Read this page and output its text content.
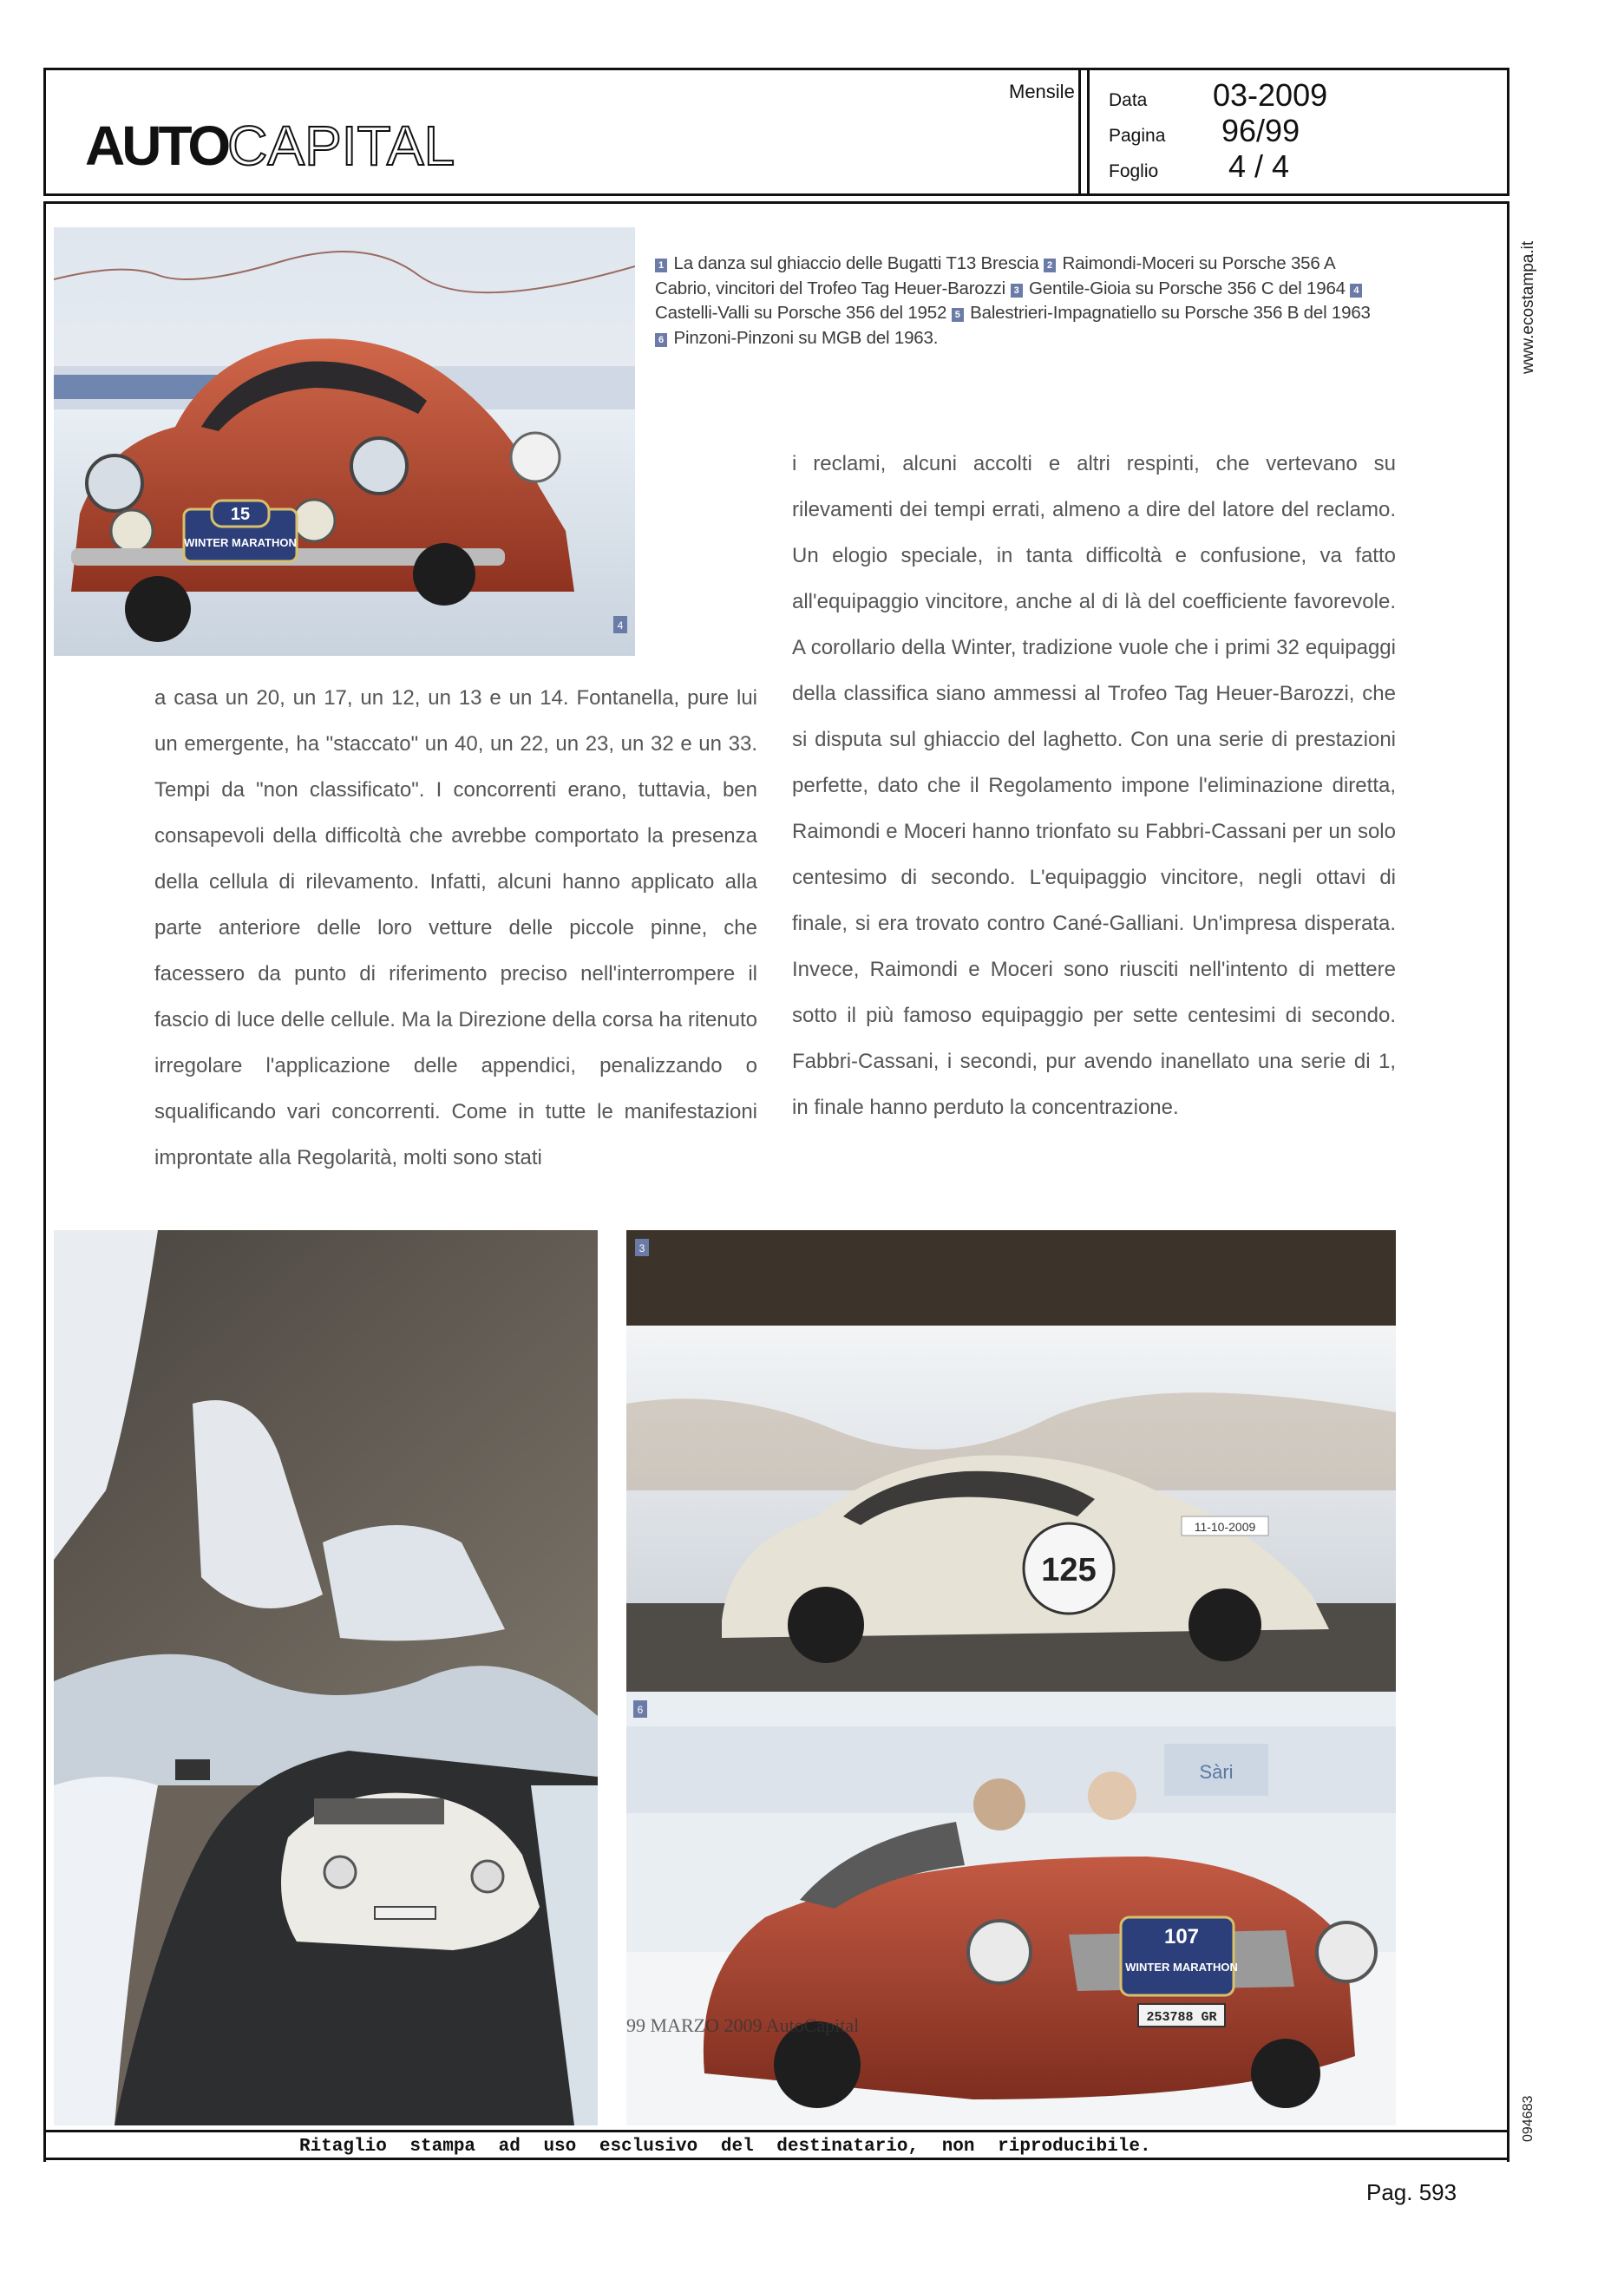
AUTOCAPITAL
Mensile Data	03-2009
Pagina	96/99
Foglio	4 / 4
www.ecostampa.it
094683
15
WINTER MARATHON
4
1 La danza sul ghiaccio delle Bugatti T13 Brescia 2 Raimondi-Moceri su Porsche 356 A Cabrio, vincitori del Trofeo Tag Heuer-Barozzi 3 Gentile-Gioia su Porsche 356 C del 1964 4 Castelli-Valli su Porsche 356 del 1952 5 Balestrieri-Impagnatiello su Porsche 356 B del 1963 6 Pinzoni-Pinzoni su MGB del 1963.

a casa un 20, un 17, un 12, un 13 e un 14. Fontanella, pure lui un emergente, ha "staccato" un 40, un 22, un 23, un 32 e un 33. Tempi da "non classificato". I concorrenti erano, tuttavia, ben consapevoli della difficoltà che avrebbe comportato la presenza della cellula di rilevamento. Infatti, alcuni hanno applicato alla parte anteriore delle loro vetture delle piccole pinne, che facessero da punto di riferimento preciso nell'interrompere il fascio di luce delle cellule. Ma la Direzione della corsa ha ritenuto irregolare l'applicazione delle appendici, penalizzando o squalificando vari concorrenti. Come in tutte le manifestazioni improntate alla Regolarità, molti sono stati

i reclami, alcuni accolti e altri respinti, che vertevano su rilevamenti dei tempi errati, almeno a dire del latore del reclamo. Un elogio speciale, in tanta difficoltà e confusione, va fatto all'equipaggio vincitore, anche al di là del coefficiente favorevole. A corollario della Winter, tradizione vuole che i primi 32 equipaggi della classifica siano ammessi al Trofeo Tag Heuer-Barozzi, che si disputa sul ghiaccio del laghetto. Con una serie di prestazioni perfette, dato che il Regolamento impone l'eliminazione diretta, Raimondi e Moceri hanno trionfato su Fabbri-Cassani per un solo centesimo di secondo. L'equipaggio vincitore, negli ottavi di finale, si era trovato contro Cané-Galliani. Un'impresa disperata. Invece, Raimondi e Moceri sono riusciti nell'intento di mettere sotto il più famoso equipaggio per sette centesimi di secondo. Fabbri-Cassani, i secondi, pur avendo inanellato una serie di 1, in finale hanno perduto la concentrazione.

125
11-10-2009
3
Sàri
107
WINTER MARATHON
253788 GR
99 MARZO 2009 AutoCapital
6
Ritaglio stampa ad uso esclusivo del destinatario, non riproducibile.
Pag. 593
